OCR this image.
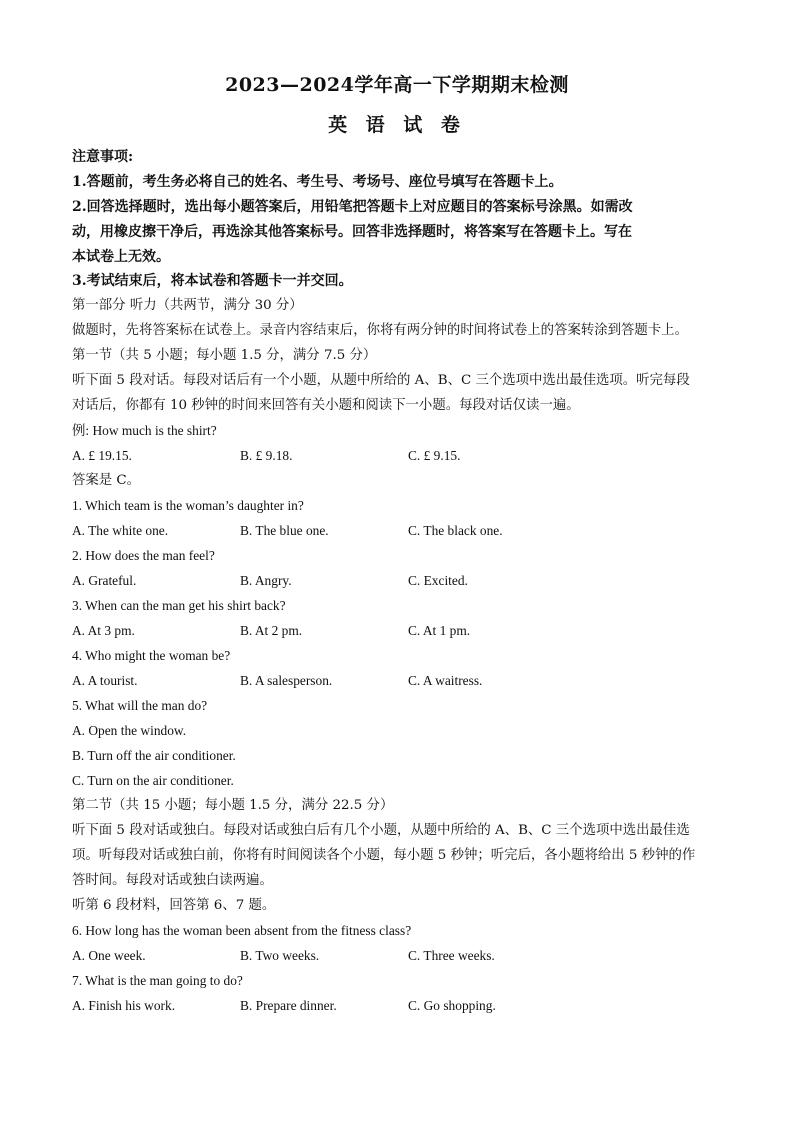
2023—2024学年高一下学期期末检测
英 语 试 卷
注意事项:
1.答题前，考生务必将自己的姓名、考生号、考场号、座位号填写在答题卡上。
2.回答选择题时，选出每小题答案后，用铅笔把答题卡上对应题目的答案标号涂黑。如需改
动，用橡皮擦干净后，再选涂其他答案标号。回答非选择题时，将答案写在答题卡上。写在
本试卷上无效。
3.考试结束后，将本试卷和答题卡一并交回。
第一部分 听力（共两节，满分 30 分）
做题时，先将答案标在试卷上。录音内容结束后，你将有两分钟的时间将试卷上的答案转涂到答题卡上。
第一节（共 5 小题；每小题 1.5 分，满分 7.5 分）
听下面 5 段对话。每段对话后有一个小题，从题中所给的 A、B、C 三个选项中选出最佳选项。听完每段
对话后，你都有 10 秒钟的时间来回答有关小题和阅读下一小题。每段对话仅读一遍。
例: How much is the shirt?
A. £ 19.15.	B. £ 9.18.	C. £ 9.15.
答案是 C。
1. Which team is the woman’s daughter in?
A. The white one.	B. The blue one.	C. The black one.
2. How does the man feel?
A. Grateful.	B. Angry.	C. Excited.
3. When can the man get his shirt back?
A. At 3 pm.	B. At 2 pm.	C. At 1 pm.
4. Who might the woman be?
A. A tourist.	B. A salesperson.	C. A waitress.
5. What will the man do?
A. Open the window.
B. Turn off the air conditioner.
C. Turn on the air conditioner.
第二节（共 15 小题；每小题 1.5 分，满分 22.5 分）
听下面 5 段对话或独白。每段对话或独白后有几个小题，从题中所给的 A、B、C 三个选项中选出最佳选
项。听每段对话或独白前，你将有时间阅读各个小题，每小题 5 秒钟；听完后，各小题将给出 5 秒钟的作
答时间。每段对话或独白读两遍。
听第 6 段材料，回答第 6、7 题。
6. How long has the woman been absent from the fitness class?
A. One week.	B. Two weeks.	C. Three weeks.
7. What is the man going to do?
A. Finish his work.	B. Prepare dinner.	C. Go shopping.
